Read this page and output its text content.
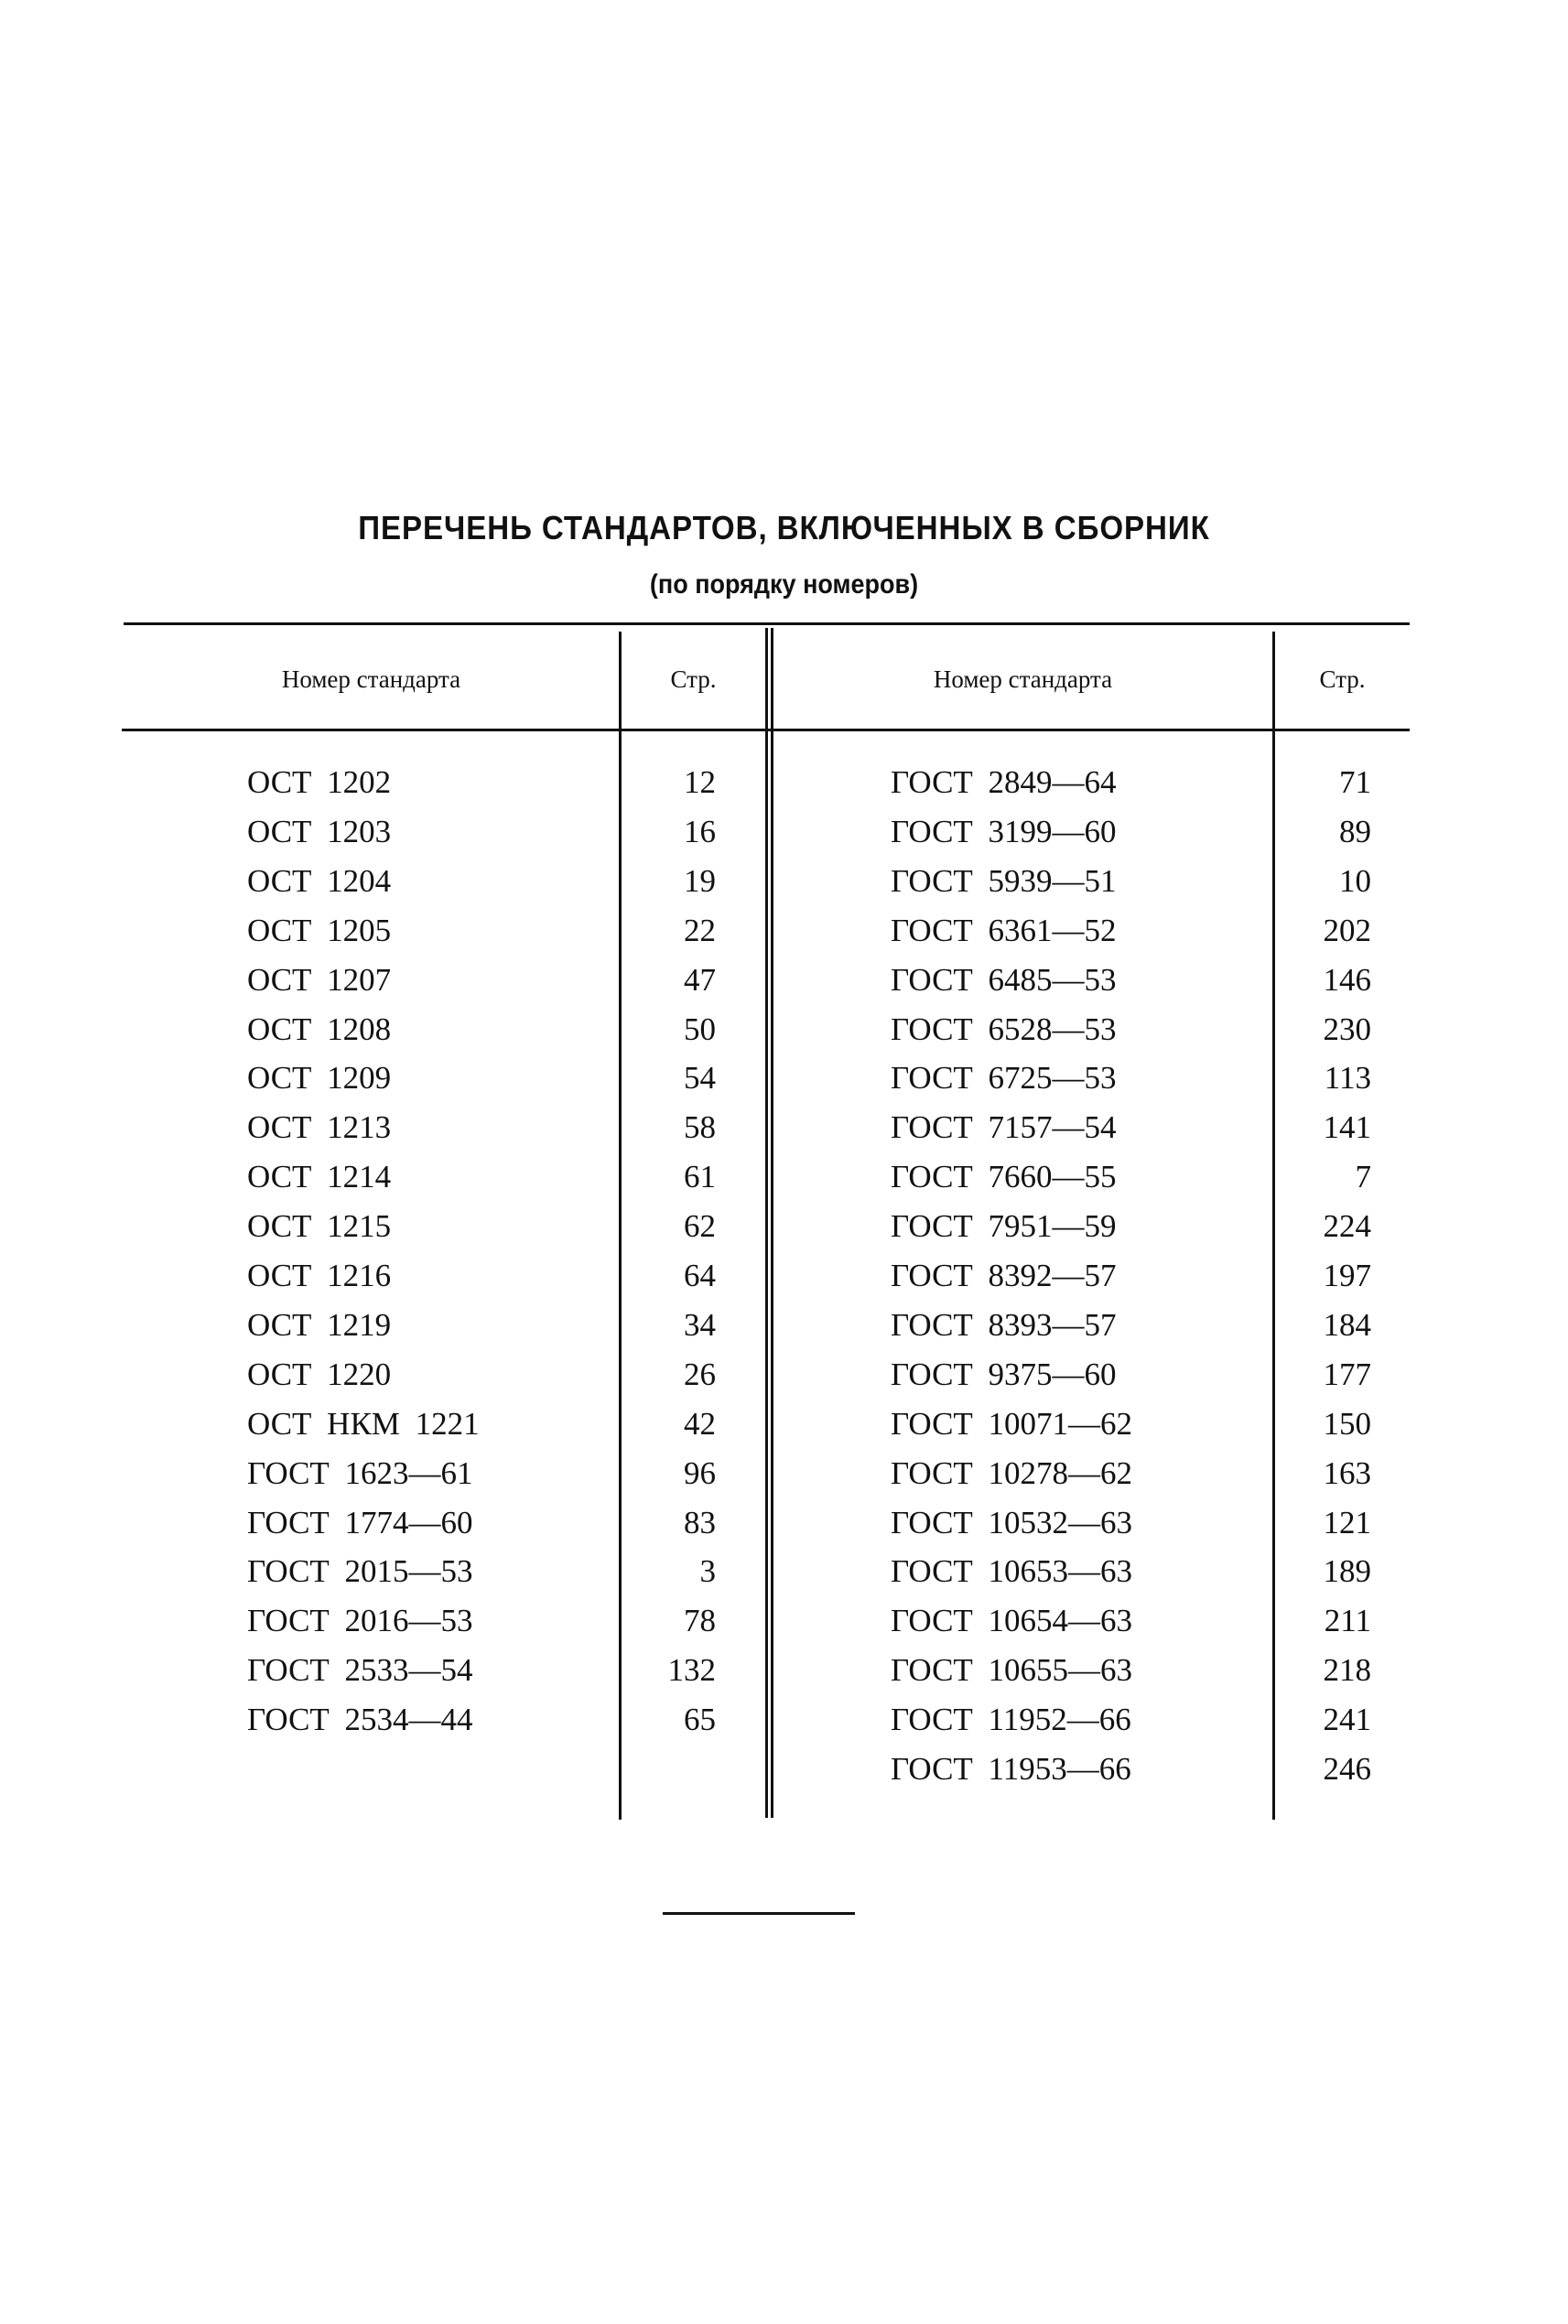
ПЕРЕЧЕНЬ СТАНДАРТОВ, ВКЛЮЧЕННЫХ В СБОРНИК
(по порядку номеров)
Номер стандарта	Стр.	Номер стандарта	Стр.
ОСТ 1202	12
ОСТ 1203	16
ОСТ 1204	19
ОСТ 1205	22
ОСТ 1207	47
ОСТ 1208	50
ОСТ 1209	54
ОСТ 1213	58
ОСТ 1214	61
ОСТ 1215	62
ОСТ 1216	64
ОСТ 1219	34
ОСТ 1220	26
ОСТ НКМ 1221	42
ГОСТ 1623—61	96
ГОСТ 1774—60	83
ГОСТ 2015—53	3
ГОСТ 2016—53	78
ГОСТ 2533—54	132
ГОСТ 2534—44	65
ГОСТ 2849—64	71
ГОСТ 3199—60	89
ГОСТ 5939—51	10
ГОСТ 6361—52	202
ГОСТ 6485—53	146
ГОСТ 6528—53	230
ГОСТ 6725—53	113
ГОСТ 7157—54	141
ГОСТ 7660—55	7
ГОСТ 7951—59	224
ГОСТ 8392—57	197
ГОСТ 8393—57	184
ГОСТ 9375—60	177
ГОСТ 10071—62	150
ГОСТ 10278—62	163
ГОСТ 10532—63	121
ГОСТ 10653—63	189
ГОСТ 10654—63	211
ГОСТ 10655—63	218
ГОСТ 11952—66	241
ГОСТ 11953—66	246
